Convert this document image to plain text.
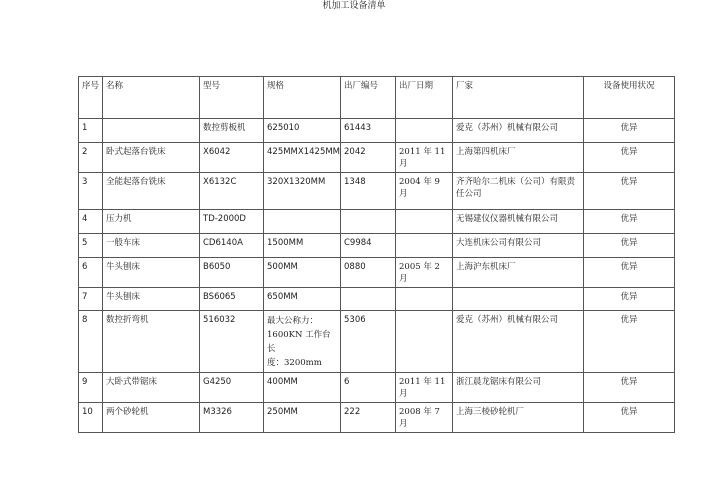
机加工设备清单
序号	名称	型号	规格	出厂编号	出厂日期	厂家	设备使用状况
1		数控剪板机	625010	61443		爱克（苏州）机械有限公司	优异
2	卧式起落台铣床	X6042	425MMX1425MM	2042	2011 年 11 月	上海第四机床厂	优异
3	全能起落台铣床	X6132C	320X1320MM	1348	2004 年 9 月	齐齐哈尔二机床（公司）有限责任公司	优异
4	压力机	TD-2000D				无锡建仪仪器机械有限公司	优异
5	一般车床	CD6140A	1500MM	C9984		大连机床公司有限公司	优异
6	牛头刨床	B6050	500MM	0880	2005 年 2 月	上海沪东机床厂	优异
7	牛头刨床	BS6065	650MM				优异
8	数控折弯机	516032	最大公称力：
1600KN 工作台长
度：3200mm	5306		爱克（苏州）机械有限公司	优异
9	大卧式带锯床	G4250	400MM	6	2011 年 11 月	浙江晨龙锯床有限公司	优异
10	两个砂轮机	M3326	250MM	222	2008 年 7 月	上海三棱砂轮机厂	优异
